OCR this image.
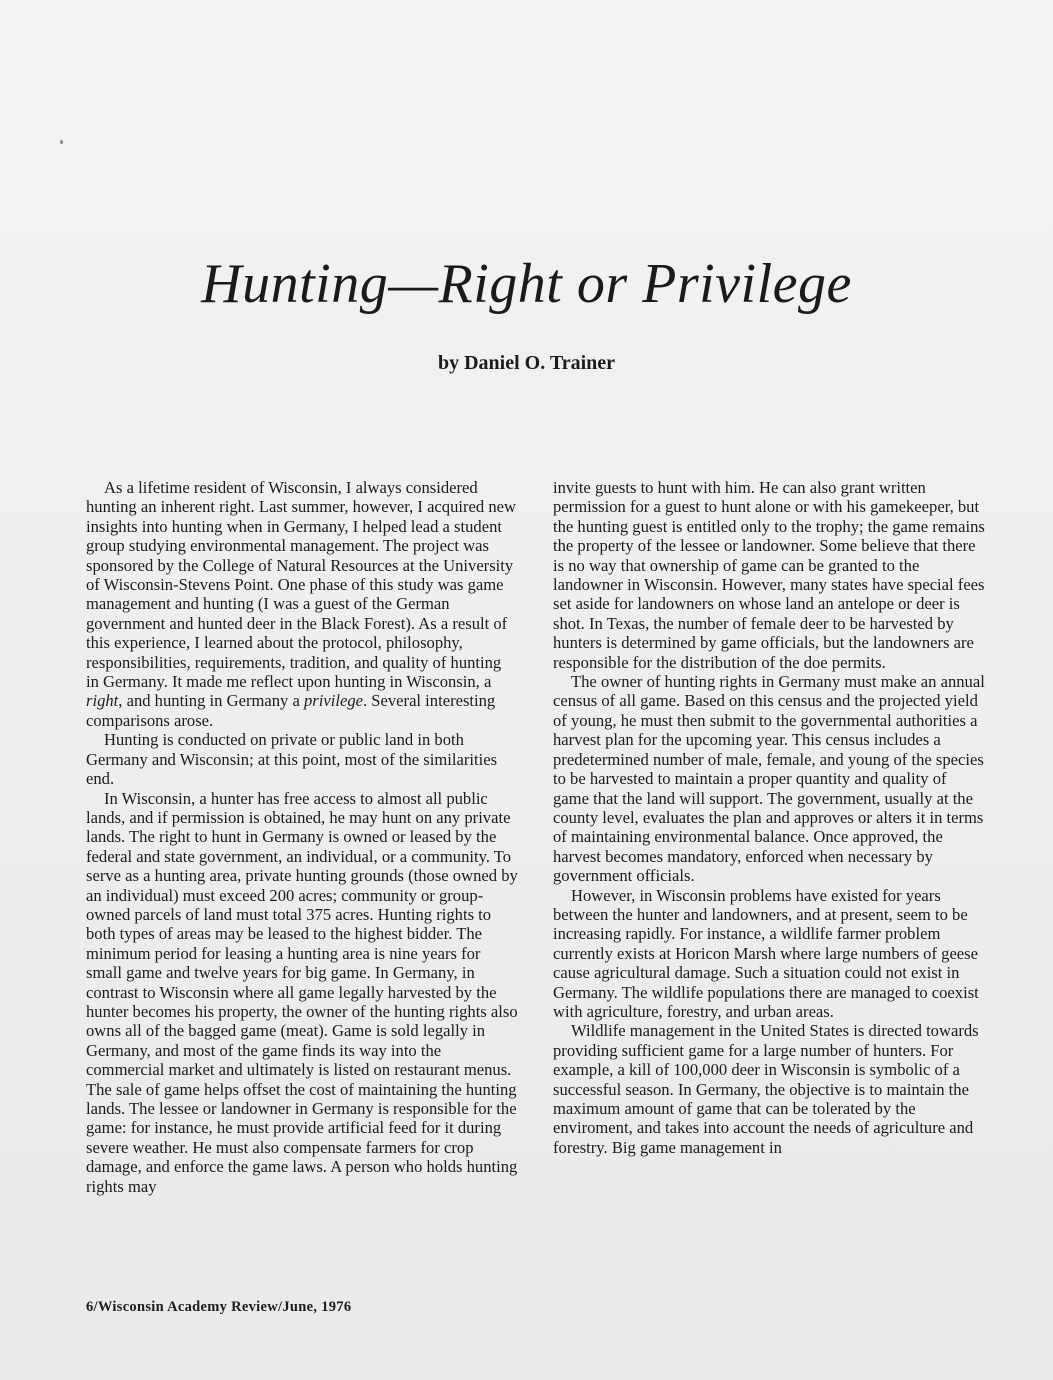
Hunting—Right or Privilege
by Daniel O. Trainer

As a lifetime resident of Wisconsin, I always considered hunting an inherent right. Last summer, however, I acquired new insights into hunting when in Germany, I helped lead a student group studying environmental management. The project was sponsored by the College of Natural Resources at the University of Wisconsin-Stevens Point. One phase of this study was game management and hunting (I was a guest of the German government and hunted deer in the Black Forest). As a result of this experience, I learned about the protocol, philosophy, responsibilities, requirements, tradition, and quality of hunting in Germany. It made me reflect upon hunting in Wisconsin, a right, and hunting in Germany a privilege. Several interesting comparisons arose.

Hunting is conducted on private or public land in both Germany and Wisconsin; at this point, most of the similarities end.

In Wisconsin, a hunter has free access to almost all public lands, and if permission is obtained, he may hunt on any private lands. The right to hunt in Germany is owned or leased by the federal and state government, an individual, or a community. To serve as a hunting area, private hunting grounds (those owned by an individual) must exceed 200 acres; community or group-owned parcels of land must total 375 acres. Hunting rights to both types of areas may be leased to the highest bidder. The minimum period for leasing a hunting area is nine years for small game and twelve years for big game. In Germany, in contrast to Wisconsin where all game legally harvested by the hunter becomes his property, the owner of the hunting rights also owns all of the bagged game (meat). Game is sold legally in Germany, and most of the game finds its way into the commercial market and ultimately is listed on restaurant menus. The sale of game helps offset the cost of maintaining the hunting lands. The lessee or landowner in Germany is responsible for the game: for instance, he must provide artificial feed for it during severe weather. He must also compensate farmers for crop damage, and enforce the game laws. A person who holds hunting rights may

invite guests to hunt with him. He can also grant written permission for a guest to hunt alone or with his gamekeeper, but the hunting guest is entitled only to the trophy; the game remains the property of the lessee or landowner. Some believe that there is no way that ownership of game can be granted to the landowner in Wisconsin. However, many states have special fees set aside for landowners on whose land an antelope or deer is shot. In Texas, the number of female deer to be harvested by hunters is determined by game officials, but the landowners are responsible for the distribution of the doe permits.

The owner of hunting rights in Germany must make an annual census of all game. Based on this census and the projected yield of young, he must then submit to the governmental authorities a harvest plan for the upcoming year. This census includes a predetermined number of male, female, and young of the species to be harvested to maintain a proper quantity and quality of game that the land will support. The government, usually at the county level, evaluates the plan and approves or alters it in terms of maintaining environmental balance. Once approved, the harvest becomes mandatory, enforced when necessary by government officials.

However, in Wisconsin problems have existed for years between the hunter and landowners, and at present, seem to be increasing rapidly. For instance, a wildlife farmer problem currently exists at Horicon Marsh where large numbers of geese cause agricultural damage. Such a situation could not exist in Germany. The wildlife populations there are managed to coexist with agriculture, forestry, and urban areas.

Wildlife management in the United States is directed towards providing sufficient game for a large number of hunters. For example, a kill of 100,000 deer in Wisconsin is symbolic of a successful season. In Germany, the objective is to maintain the maximum amount of game that can be tolerated by the enviroment, and takes into account the needs of agriculture and forestry. Big game management in

6/Wisconsin Academy Review/June, 1976
